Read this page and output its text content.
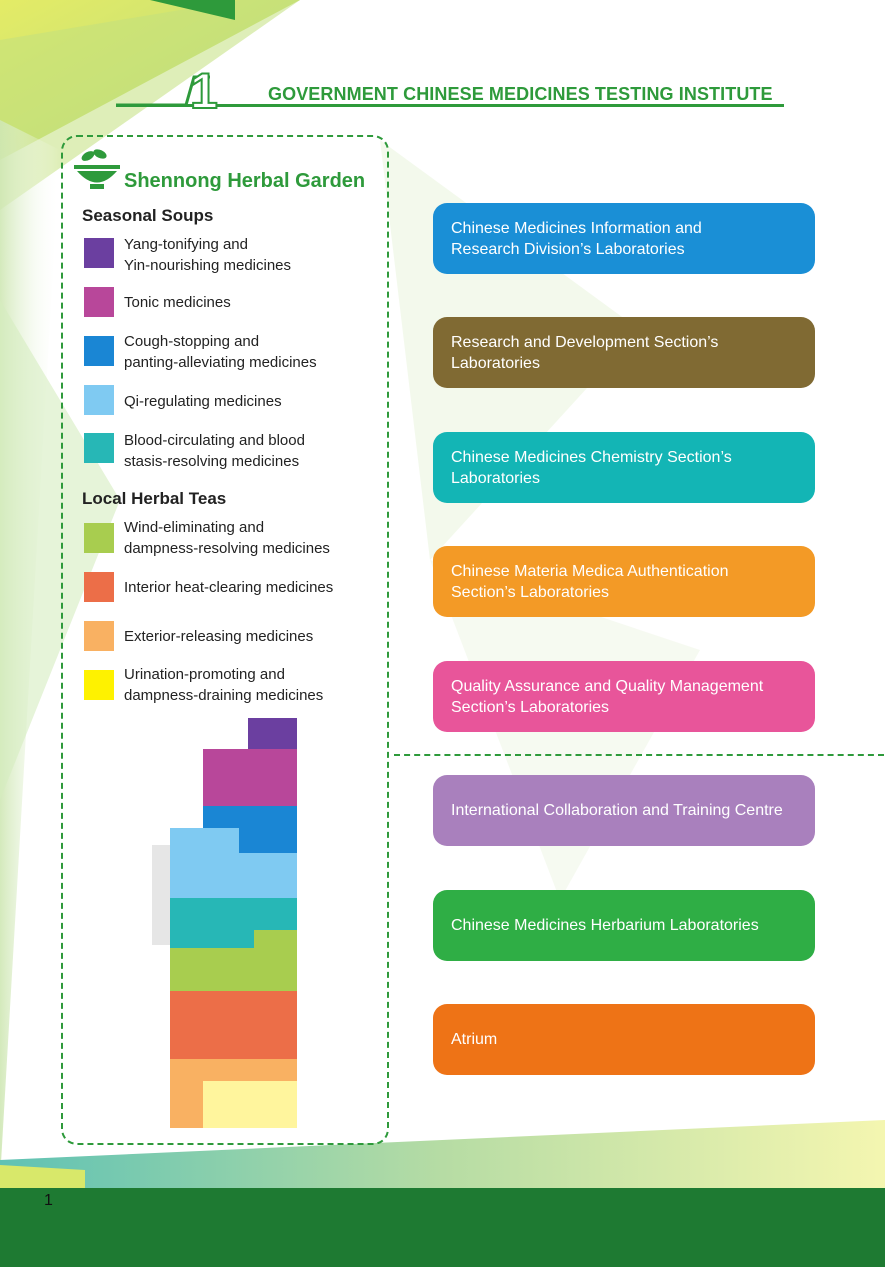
1	GOVERNMENT CHINESE MEDICINES TESTING INSTITUTE
Shennong Herbal Garden
Seasonal Soups
Yang-tonifying and
Yin-nourishing medicines
Tonic medicines
Cough-stopping and
panting-alleviating medicines
Qi-regulating medicines
Blood-circulating and blood
stasis-resolving medicines
Local Herbal Teas
Wind-eliminating and
dampness-resolving medicines
Interior heat-clearing medicines
Exterior-releasing medicines
Urination-promoting and
dampness-draining medicines
Chinese Medicines Information and
Research Division’s Laboratories
Research and Development Section’s
Laboratories
Chinese Medicines Chemistry Section’s
Laboratories
Chinese Materia Medica Authentication
Section’s Laboratories
Quality Assurance and Quality Management
Section’s Laboratories
International Collaboration and Training Centre
Chinese Medicines Herbarium Laboratories
Atrium
1
